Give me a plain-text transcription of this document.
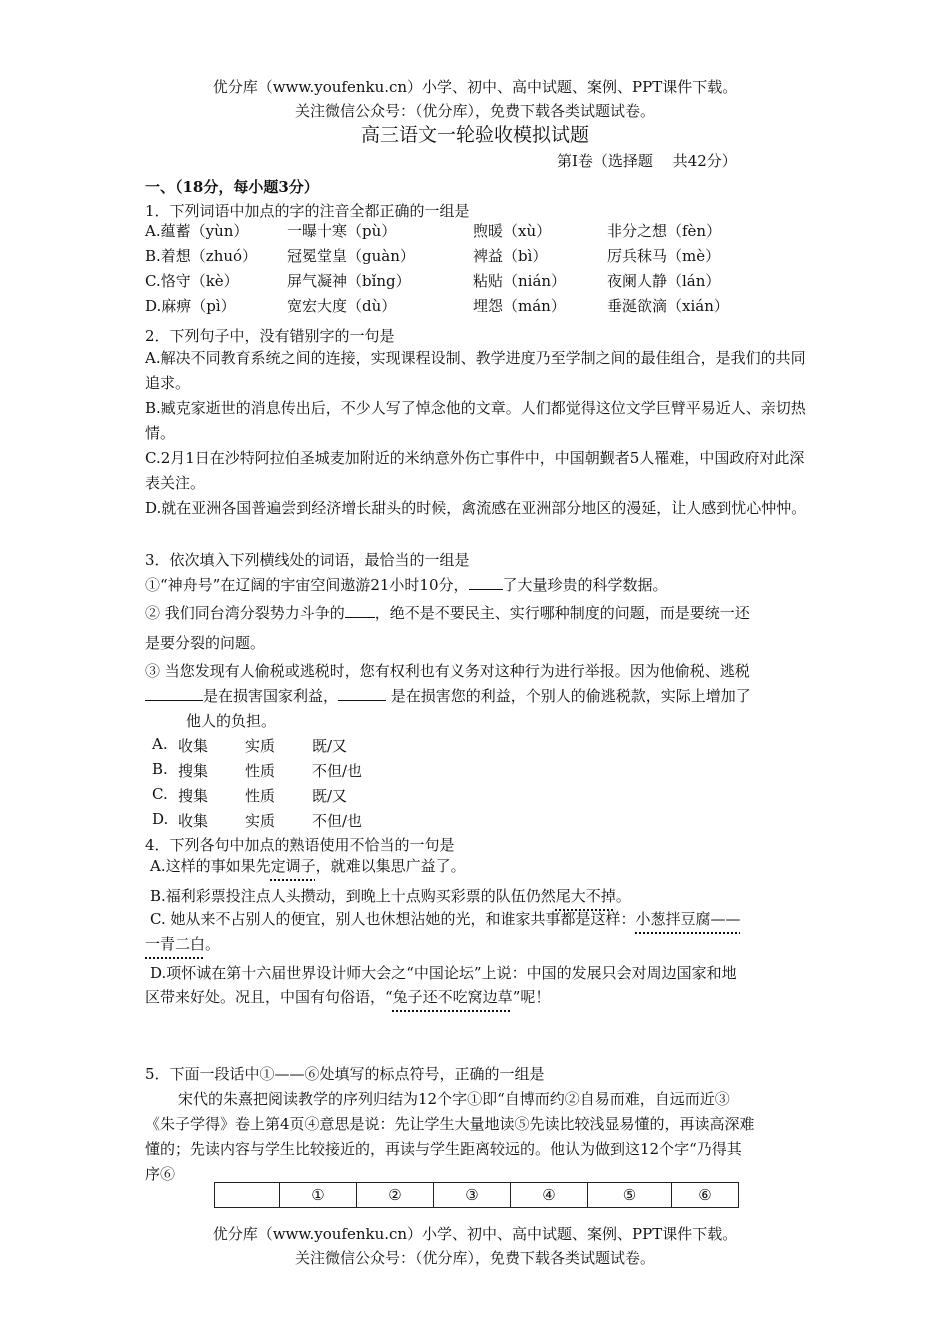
优分库（www.youfenku.cn）小学、初中、高中试题、案例、PPT课件下载。
关注微信公众号：（优分库），免费下载各类试题试卷。
高三语文一轮验收模拟试题
第Ⅰ卷（选择题　 共42分）
一、（18分，每小题3分）
1．下列词语中加点的字的注音全都正确的一组是
A.蕴蓄（yùn）	一曝十寒（pù）	煦暖（xù）	非分之想（fèn）
B.着想（zhuó） 冠冕堂皇（guàn）	裨益（bì）	厉兵秣马（mè）
C.恪守（kè）	屏气凝神（bǐng）	粘贴（nián）	夜阑人静（lán）
D.麻痹（pì）	宽宏大度（dù）	埋怨（mán）	垂涎欲滴（xián）
2．下列句子中，没有错别字的一句是
A.解决不同教育系统之间的连接，实现课程设制、教学进度乃至学制之间的最佳组合，是我们的共同追求。
B.臧克家逝世的消息传出后，不少人写了悼念他的文章。人们都觉得这位文学巨臂平易近人、亲切热情。
C.2月1日在沙特阿拉伯圣城麦加附近的米纳意外伤亡事件中，中国朝觐者5人罹难，中国政府对此深表关注。
D.就在亚洲各国普遍尝到经济增长甜头的时候，禽流感在亚洲部分地区的漫延，让人感到忧心忡忡。
3．依次填入下列横线处的词语，最恰当的一组是
①“神舟号”在辽阔的宇宙空间遨游21小时10分， 了大量珍贵的科学数据。
② 我们同台湾分裂势力斗争的 ，绝不是不要民主、实行哪种制度的问题，而是要统一还
是要分裂的问题。
③ 当您发现有人偷税或逃税时，您有权利也有义务对这种行为进行举报。因为他偷税、逃税
是在损害国家利益，	是在损害您的利益，个别人的偷逃税款，实际上增加了
他人的负担。
A. 收集 实质 既/又
B. 搜集 性质 不但/也
C. 搜集 性质 既/又
D. 收集 实质 不但/也
4．下列各句中加点的熟语使用不恰当的一句是
A.这样的事如果先定调子，就难以集思广益了。
B.福利彩票投注点人头攒动，到晚上十点购买彩票的队伍仍然尾大不掉。
C. 她从来不占别人的便宜，别人也休想沾她的光，和谁家共事都是这样：小葱拌豆腐——
一青二白。
D.项怀诚在第十六届世界设计师大会之“中国论坛”上说：中国的发展只会对周边国家和地
区带来好处。况且，中国有句俗语，“兔子还不吃窝边草”呢！
5．下面一段话中①——⑥处填写的标点符号，正确的一组是
宋代的朱熹把阅读教学的序列归结为12个字①即“自博而约②自易而难，自远而近③
《朱子学得》卷上第4页④意思是说：先让学生大量地读⑤先读比较浅显易懂的，再读高深难
懂的；先读内容与学生比较接近的，再读与学生距离较远的。他认为做到这12个字“乃得其
序⑥
	①	②	③	④	⑤	⑥
优分库（www.youfenku.cn）小学、初中、高中试题、案例、PPT课件下载。
关注微信公众号：（优分库），免费下载各类试题试卷。
